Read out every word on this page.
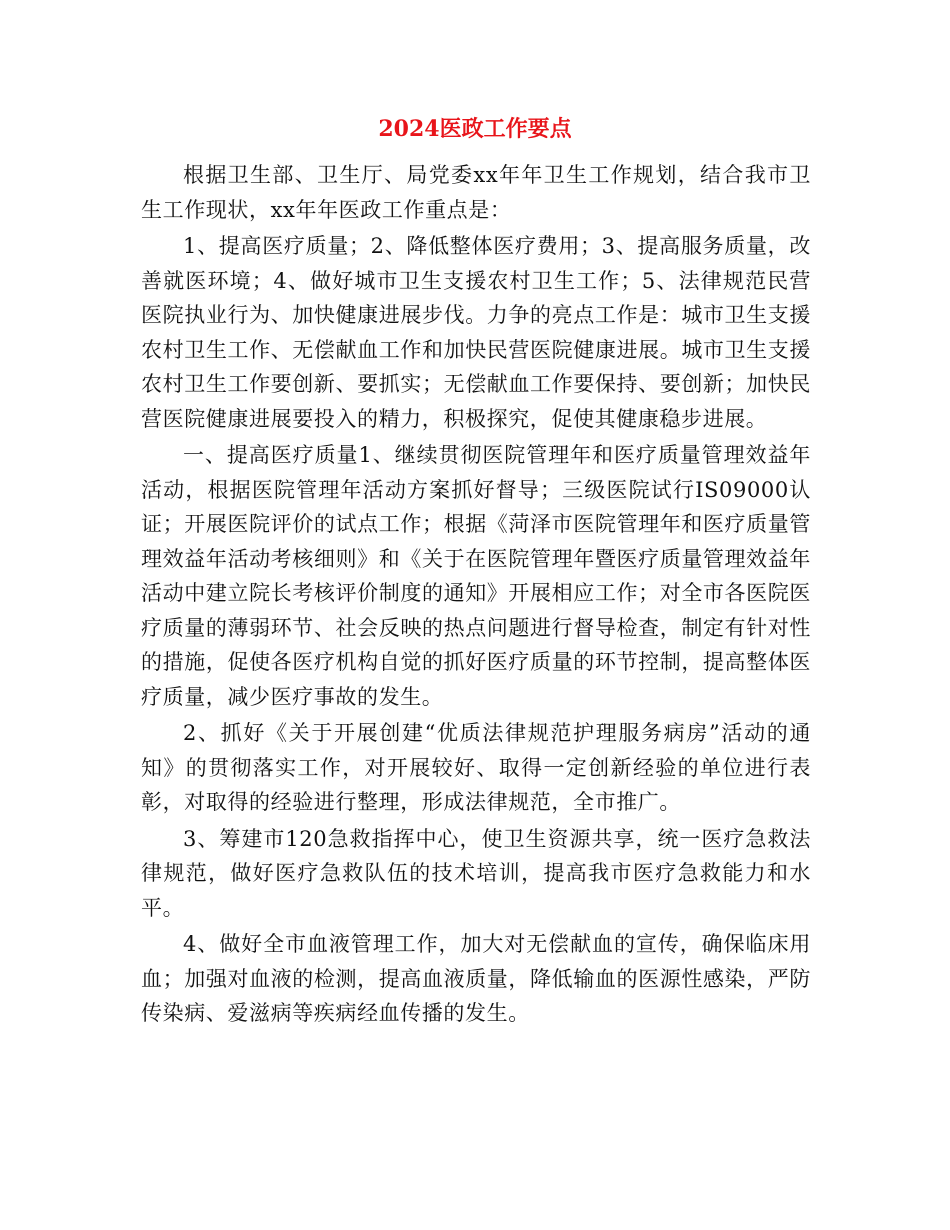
2024医政工作要点

根据卫生部、卫生厅、局党委xx年年卫生工作规划，结合我市卫生工作现状，xx年年医政工作重点是：

1、提高医疗质量；2、降低整体医疗费用；3、提高服务质量，改善就医环境；4、做好城市卫生支援农村卫生工作；5、法律规范民营医院执业行为、加快健康进展步伐。力争的亮点工作是：城市卫生支援农村卫生工作、无偿献血工作和加快民营医院健康进展。城市卫生支援农村卫生工作要创新、要抓实；无偿献血工作要保持、要创新；加快民营医院健康进展要投入的精力，积极探究，促使其健康稳步进展。

一、提高医疗质量1、继续贯彻医院管理年和医疗质量管理效益年活动，根据医院管理年活动方案抓好督导；三级医院试行IS09000认证；开展医院评价的试点工作；根据《菏泽市医院管理年和医疗质量管理效益年活动考核细则》和《关于在医院管理年暨医疗质量管理效益年活动中建立院长考核评价制度的通知》开展相应工作；对全市各医院医疗质量的薄弱环节、社会反映的热点问题进行督导检查，制定有针对性的措施，促使各医疗机构自觉的抓好医疗质量的环节控制，提高整体医疗质量，减少医疗事故的发生。

2、抓好《关于开展创建“优质法律规范护理服务病房”活动的通知》的贯彻落实工作，对开展较好、取得一定创新经验的单位进行表彰，对取得的经验进行整理，形成法律规范，全市推广。

3、筹建市120急救指挥中心，使卫生资源共享，统一医疗急救法律规范，做好医疗急救队伍的技术培训，提高我市医疗急救能力和水平。

4、做好全市血液管理工作，加大对无偿献血的宣传，确保临床用血；加强对血液的检测，提高血液质量，降低输血的医源性感染，严防传染病、爱滋病等疾病经血传播的发生。
